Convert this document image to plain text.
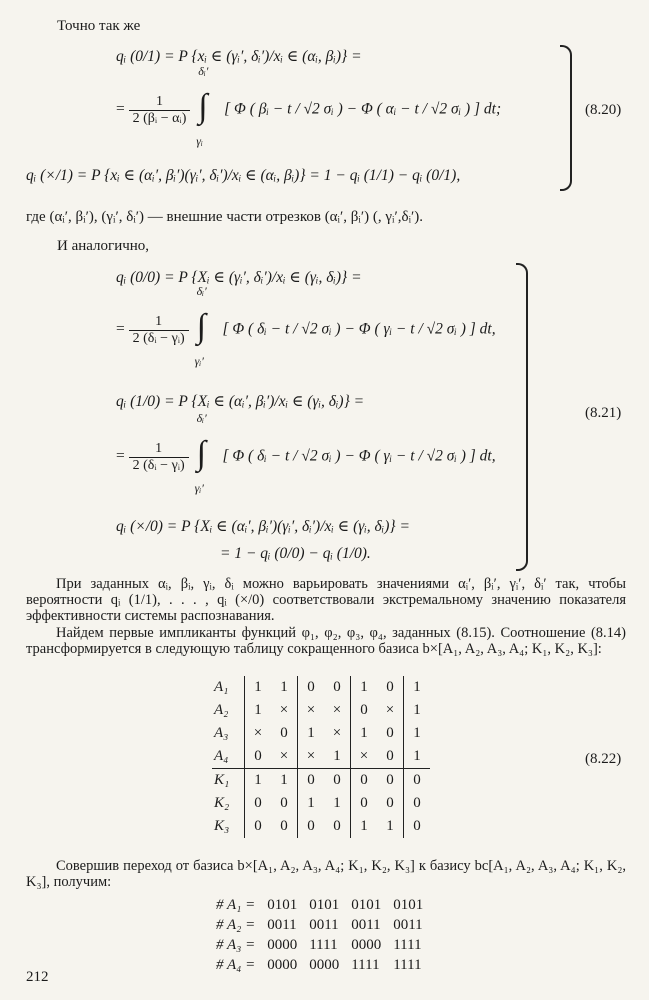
Точно так же
qᵢ (0/1) = P {xᵢ ∈ (γᵢ′, δᵢ′)/xᵢ ∈ (αᵢ, βᵢ)} =
= $\frac{1}{\text{2 (βᵢ − αᵢ)}}$
∫
δᵢ′
γᵢ
[ Φ ( βᵢ − t / √2 σᵢ ) − Φ ( αᵢ − t / √2 σᵢ ) ] dt;
qᵢ (×/1) = P {xᵢ ∈ (αᵢ′, βᵢ′)(γᵢ′, δᵢ′)/xᵢ ∈ (αᵢ, βᵢ)} = 1 − qᵢ (1/1) − qᵢ (0/1),
(8.20)
где (αᵢ′, βᵢ′), (γᵢ′, δᵢ′) — внешние части отрезков (αᵢ′, βᵢ′) (, γᵢ′,δᵢ′).
И аналогично,
qᵢ (0/0) = P {Xᵢ ∈ (γᵢ′, δᵢ′)/xᵢ ∈ (γᵢ, δᵢ)} =
= $\frac{1}{\text{2 (δᵢ − γᵢ)}}$
∫
δᵢ′
γᵢ′
[ Φ ( δᵢ − t / √2 σᵢ ) − Φ ( γᵢ − t / √2 σᵢ ) ] dt,
qᵢ (1/0) = P {Xᵢ ∈ (αᵢ′, βᵢ′)/xᵢ ∈ (γᵢ, δᵢ)} =
= $\frac{1}{\text{2 (δᵢ − γᵢ)}}$
∫
δᵢ′
γᵢ′
[ Φ ( δᵢ − t / √2 σᵢ ) − Φ ( γᵢ − t / √2 σᵢ ) ] dt,
qᵢ (×/0) = P {Xᵢ ∈ (αᵢ′, βᵢ′)(γᵢ′, δᵢ′)/xᵢ ∈ (γᵢ, δᵢ)} =
= 1 − qᵢ (0/0) − qᵢ (1/0).
(8.21)
При заданных αᵢ, βᵢ, γᵢ, δᵢ можно варьировать значениями αᵢ′, βᵢ′, γᵢ′, δᵢ′ так, чтобы вероятности qᵢ (1/1), . . . , qᵢ (×/0) соответствовали экстремальному значению показателя эффективности системы распознавания.
Найдем первые импликанты функций φ₁, φ₂, φ₃, φ₄, заданных (8.15). Соотношение (8.14) трансформируется в следующую таблицу сокращенного базиса b×[A₁, A₂, A₃, A₄; K₁, K₂, K₃]:
A₁	1	1	0	0	1	0	1
A₂	1	×	×	×	0	×	1
A₃	×	0	1	×	1	0	1
A₄	0	×	×	1	×	0	1
K₁	1	1	0	0	0	0	0
K₂	0	0	1	1	0	0	0
K₃	0	0	0	0	1	1	0
(8.22)
Совершив переход от базиса b×[A₁, A₂, A₃, A₄; K₁, K₂, K₃] к базису bc[A₁, A₂, A₃, A₄; K₁, K₂, K₃], получим:
# A₁ =	0101	0101	0101	0101
# A₂ =	0011	0011	0011	0011
# A₃ =	0000	1111	0000	1111
# A₄ =	0000	0000	1111	1111
212
